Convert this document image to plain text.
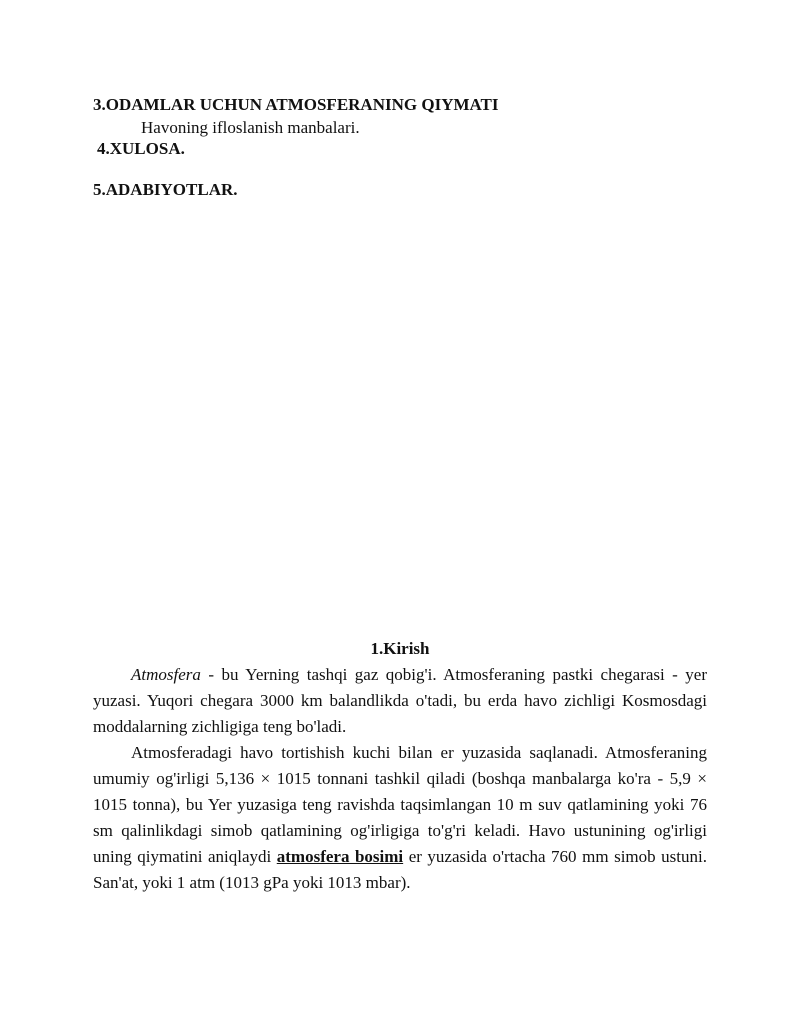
3.ODAMLAR UCHUN ATMOSFERANING QIYMATI
Havoning ifloslanish manbalari.
4.XULOSA.
5.ADABIYOTLAR.
1.Kirish

Atmosfera - bu Yerning tashqi gaz qobig'i. Atmosferaning pastki chegarasi - yer yuzasi. Yuqori chegara 3000 km balandlikda o'tadi, bu erda havo zichligi Kosmosdagi moddalarning zichligiga teng bo'ladi.

Atmosferadagi havo tortishish kuchi bilan er yuzasida saqlanadi. Atmosferaning umumiy og'irligi 5,136 × 1015 tonnani tashkil qiladi (boshqa manbalarga ko'ra - 5,9 × 1015 tonna), bu Yer yuzasiga teng ravishda taqsimlangan 10 m suv qatlamining yoki 76 sm qalinlikdagi simob qatlamining og'irligiga to'g'ri keladi. Havo ustunining og'irligi uning qiymatini aniqlaydi atmosfera bosimi er yuzasida o'rtacha 760 mm simob ustuni. San'at, yoki 1 atm (1013 gPa yoki 1013 mbar).
